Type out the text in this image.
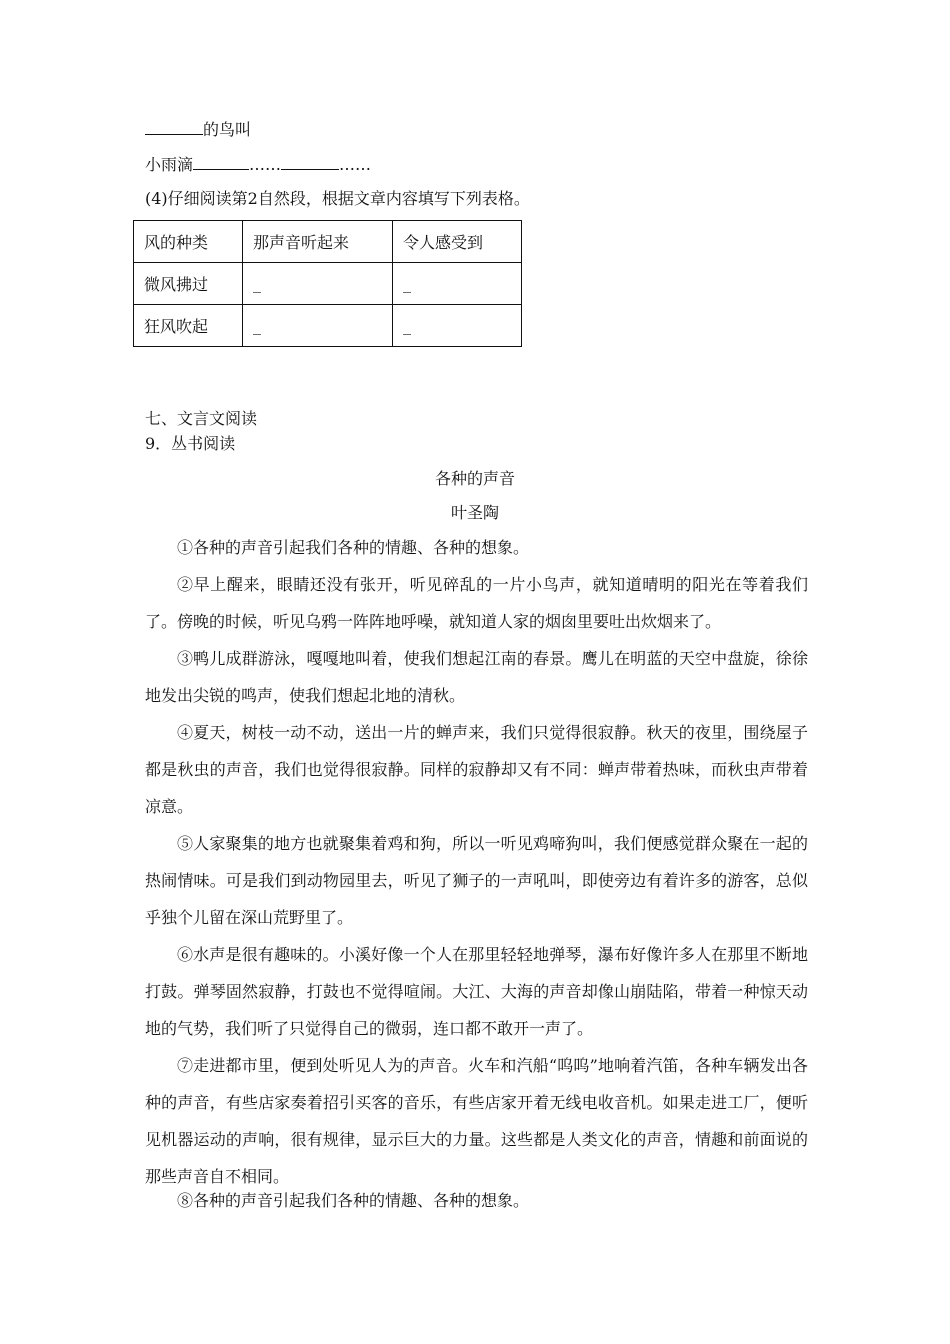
的鸟叫
小雨滴	……	……
(4)仔细阅读第2自然段，根据文章内容填写下列表格。
风的种类	那声音听起来	令人感受到
微风拂过	_	_
狂风吹起	_	_
七、文言文阅读
9．丛书阅读
各种的声音
叶圣陶

①各种的声音引起我们各种的情趣、各种的想象。

②早上醒来，眼睛还没有张开，听见碎乱的一片小鸟声，就知道晴明的阳光在等着我们了。傍晚的时候，听见乌鸦一阵阵地呼噪，就知道人家的烟囱里要吐出炊烟来了。

③鸭儿成群游泳，嘎嘎地叫着，使我们想起江南的春景。鹰儿在明蓝的天空中盘旋，徐徐地发出尖锐的鸣声，使我们想起北地的清秋。

④夏天，树枝一动不动，送出一片的蝉声来，我们只觉得很寂静。秋天的夜里，围绕屋子都是秋虫的声音，我们也觉得很寂静。同样的寂静却又有不同：蝉声带着热味，而秋虫声带着凉意。

⑤人家聚集的地方也就聚集着鸡和狗，所以一听见鸡啼狗叫，我们便感觉群众聚在一起的热闹情味。可是我们到动物园里去，听见了狮子的一声吼叫，即使旁边有着许多的游客，总似乎独个儿留在深山荒野里了。

⑥水声是很有趣味的。小溪好像一个人在那里轻轻地弹琴，瀑布好像许多人在那里不断地打鼓。弹琴固然寂静，打鼓也不觉得喧闹。大江、大海的声音却像山崩陆陷，带着一种惊天动地的气势，我们听了只觉得自己的微弱，连口都不敢开一声了。

⑦走进都市里，便到处听见人为的声音。火车和汽船“呜呜”地响着汽笛，各种车辆发出各种的声音，有些店家奏着招引买客的音乐，有些店家开着无线电收音机。如果走进工厂，便听见机器运动的声响，很有规律，显示巨大的力量。这些都是人类文化的声音，情趣和前面说的那些声音自不相同。

⑧各种的声音引起我们各种的情趣、各种的想象。
